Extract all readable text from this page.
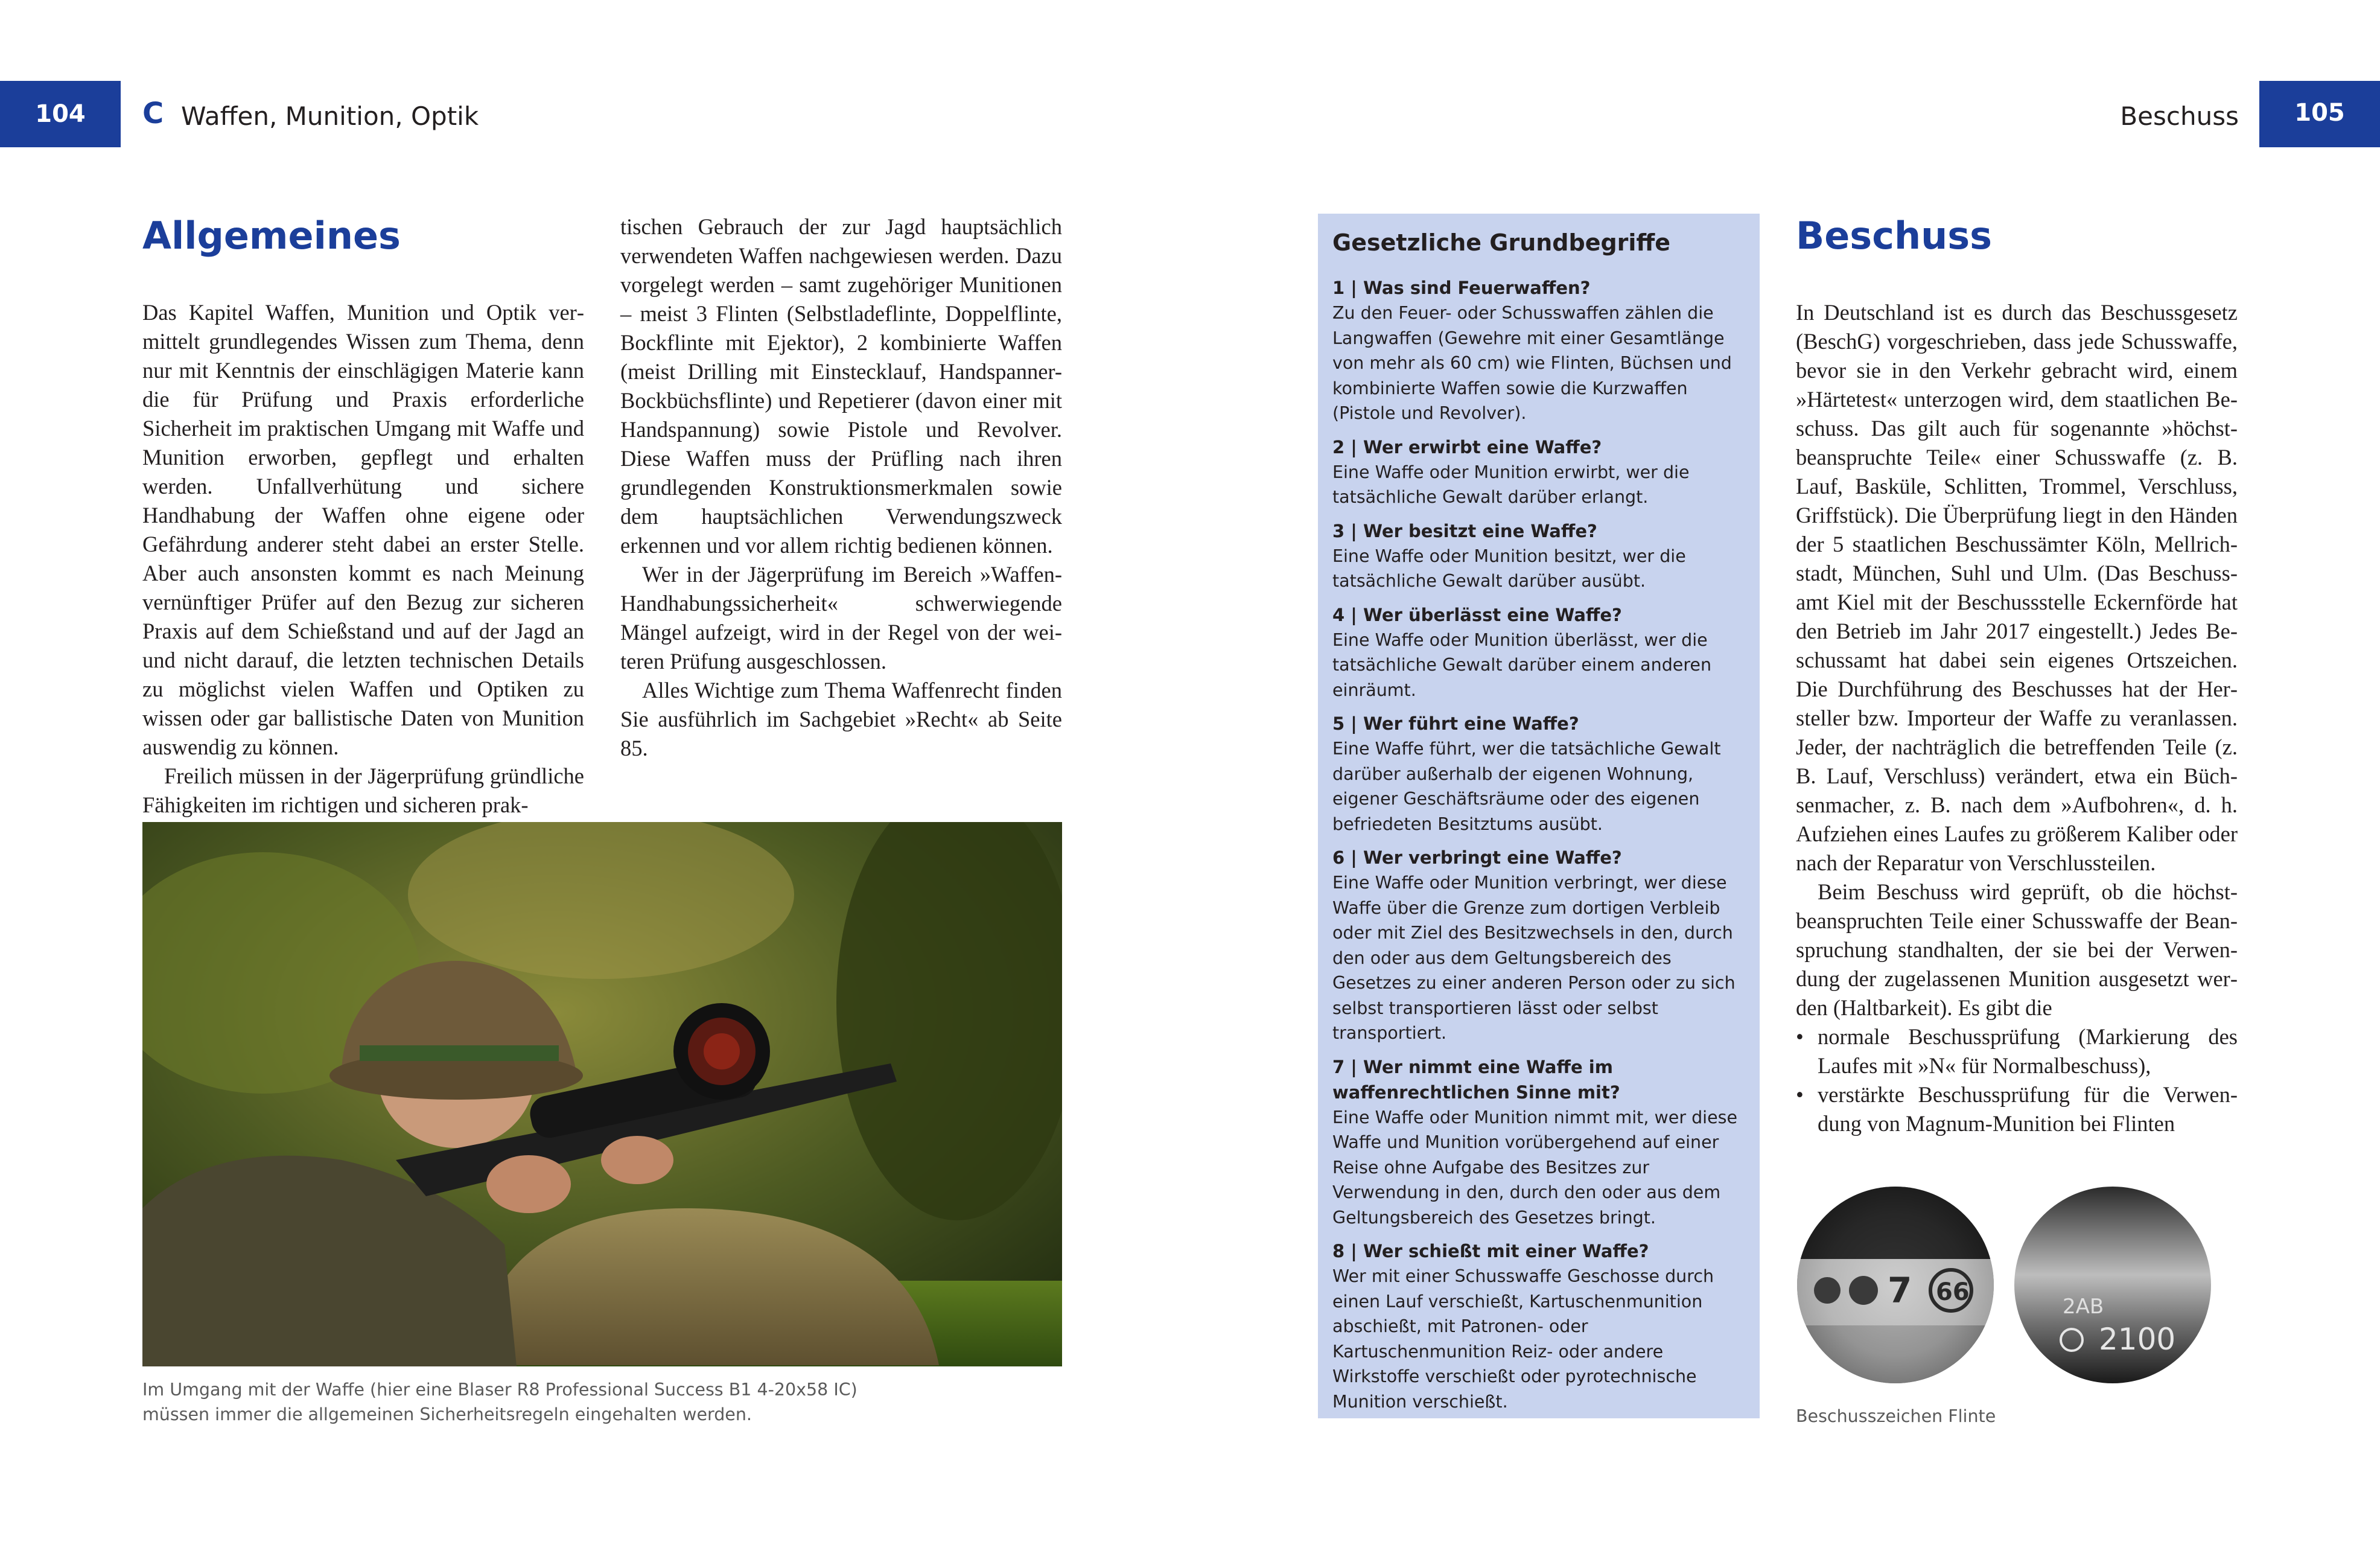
104	C Waffen, Munition, Optik	Beschuss	105
Allgemeines

Das Kapitel Waffen, Munition und Optik vermittelt grundlegendes Wissen zum Thema, denn nur mit Kenntnis der einschlägigen Materie kann die für Prüfung und Praxis erforderliche Sicherheit im praktischen Umgang mit Waffe und Munition erworben, gepflegt und erhalten werden. Unfallverhütung und sichere Handhabung der Waffen ohne eigene oder Gefährdung anderer steht dabei an erster Stelle. Aber auch ansonsten kommt es nach Meinung vernünftiger Prüfer auf den Bezug zur sicheren Praxis auf dem Schießstand und auf der Jagd an und nicht darauf, die letzten technischen Details zu möglichst vielen Waffen und Optiken zu wissen oder gar ballistische Daten von Munition auswendig zu können.

Freilich müssen in der Jägerprüfung gründliche Fähigkeiten im richtigen und sicheren prak-

tischen Gebrauch der zur Jagd hauptsächlich verwendeten Waffen nachgewiesen werden. Dazu vorgelegt werden – samt zugehöriger Munitionen – meist 3 Flinten (Selbstladeflinte, Doppelflinte, Bockflinte mit Ejektor), 2 kombinierte Waffen (meist Drilling mit Einstecklauf, Handspanner-Bockbüchsflinte) und Repetierer (davon einer mit Handspannung) sowie Pistole und Revolver. Diese Waffen muss der Prüfling nach ihren grundlegenden Konstruktionsmerkmalen sowie dem hauptsächlichen Verwendungszweck erkennen und vor allem richtig bedienen können.

Wer in der Jägerprüfung im Bereich »Waffen-Handhabungssicherheit« schwerwiegende Mängel aufzeigt, wird in der Regel von der weiteren Prüfung ausgeschlossen.

Alles Wichtige zum Thema Waffenrecht finden Sie ausführlich im Sachgebiet »Recht« ab Seite 85.

Im Umgang mit der Waffe (hier eine Blaser R8 Professional Success B1 4-20x58 IC)
müssen immer die allgemeinen Sicherheitsregeln eingehalten werden.
Gesetzliche Grundbegriffe
1 | Was sind Feuerwaffen?
Zu den Feuer- oder Schusswaffen zählen die Langwaffen (Gewehre mit einer Gesamtlänge von mehr als 60 cm) wie Flinten, Büchsen und kombinierte Waffen sowie die Kurzwaffen (Pistole und Revolver).
2 | Wer erwirbt eine Waffe?
Eine Waffe oder Munition erwirbt, wer die tatsächliche Gewalt darüber erlangt.
3 | Wer besitzt eine Waffe?
Eine Waffe oder Munition besitzt, wer die tatsächliche Gewalt darüber ausübt.
4 | Wer überlässt eine Waffe?
Eine Waffe oder Munition überlässt, wer die tatsächliche Gewalt darüber einem anderen einräumt.
5 | Wer führt eine Waffe?
Eine Waffe führt, wer die tatsächliche Gewalt darüber außerhalb der eigenen Wohnung, eigener Geschäftsräume oder des eigenen befriedeten Besitztums ausübt.
6 | Wer verbringt eine Waffe?
Eine Waffe oder Munition verbringt, wer diese Waffe über die Grenze zum dortigen Verbleib oder mit Ziel des Besitzwechsels in den, durch den oder aus dem Geltungsbereich des Gesetzes zu einer anderen Person oder zu sich selbst transportieren lässt oder selbst transportiert.
7 | Wer nimmt eine Waffe im waffenrechtlichen Sinne mit?
Eine Waffe oder Munition nimmt mit, wer diese Waffe und Munition vorübergehend auf einer Reise ohne Aufgabe des Besitzes zur Verwendung in den, durch den oder aus dem Geltungsbereich des Gesetzes bringt.
8 | Wer schießt mit einer Waffe?
Wer mit einer Schusswaffe Geschosse durch einen Lauf verschießt, Kartuschenmunition abschießt, mit Patronen- oder Kartuschenmunition Reiz- oder andere Wirkstoffe verschießt oder pyrotechnische Munition verschießt.
Beschuss

In Deutschland ist es durch das Beschussgesetz (BeschG) vorgeschrieben, dass jede Schusswaffe, bevor sie in den Verkehr gebracht wird, einem »Härtetest« unterzogen wird, dem staatlichen Beschuss. Das gilt auch für sogenannte »höchstbeanspruchte Teile« einer Schusswaffe (z. B. Lauf, Basküle, Schlitten, Trommel, Verschluss, Griffstück). Die Überprüfung liegt in den Händen der 5 staatlichen Beschussämter Köln, Mellrichstadt, München, Suhl und Ulm. (Das Beschussamt Kiel mit der Beschussstelle Eckernförde hat den Betrieb im Jahr 2017 eingestellt.) Jedes Beschussamt hat dabei sein eigenes Ortszeichen. Die Durchführung des Beschusses hat der Hersteller bzw. Importeur der Waffe zu veranlassen. Jeder, der nachträglich die betreffenden Teile (z. B. Lauf, Verschluss) verändert, etwa ein Büchsenmacher, z. B. nach dem »Aufbohren«, d. h. Aufziehen eines Laufes zu größerem Kaliber oder nach der Reparatur von Verschlussteilen.

Beim Beschuss wird geprüft, ob die höchstbeanspruchten Teile einer Schusswaffe der Beanspruchung standhalten, der sie bei der Verwendung der zugelassenen Munition ausgesetzt werden (Haltbarkeit). Es gibt die

• normale Beschussprüfung (Markierung des Laufes mit »N« für Normalbeschuss),
• verstärkte Beschussprüfung für die Verwendung von Magnum-Munition bei Flinten
7 66
2AB
2100
Beschusszeichen Flinte
